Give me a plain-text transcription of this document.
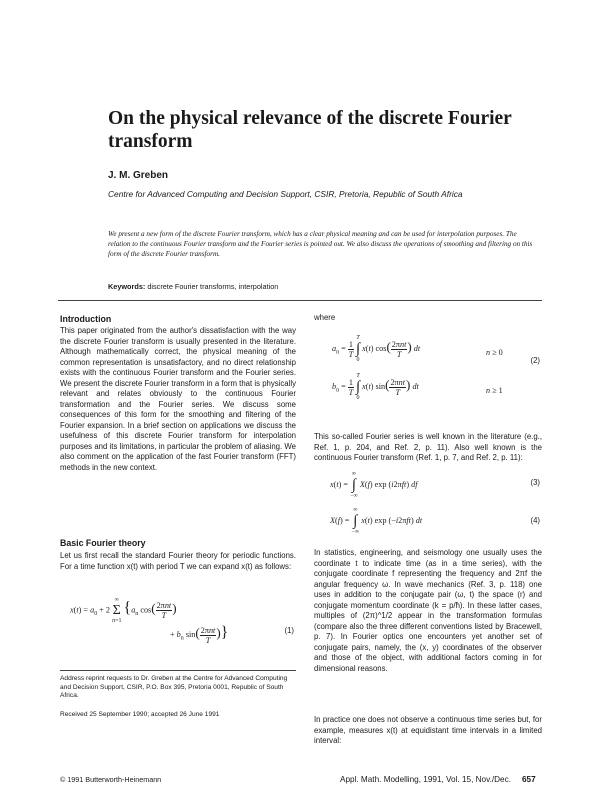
On the physical relevance of the discrete Fourier transform
J. M. Greben
Centre for Advanced Computing and Decision Support, CSIR, Pretoria, Republic of South Africa
We present a new form of the discrete Fourier transform, which has a clear physical meaning and can be used for interpolation purposes. The relation to the continuous Fourier transform and the Fourier series is pointed out. We also discuss the operations of smoothing and filtering on this form of the discrete Fourier transform.
Keywords: discrete Fourier transforms, interpolation
Introduction
This paper originated from the author's dissatisfaction with the way the discrete Fourier transform is usually presented in the literature. Although mathematically correct, the physical meaning of the common representation is unsatisfactory, and no direct relationship exists with the continuous Fourier transform and the Fourier series. We present the discrete Fourier transform in a form that is physically relevant and relates obviously to the continuous Fourier transformation and the Fourier series. We discuss some consequences of this form for the smoothing and filtering of the Fourier expansion. In a brief section on applications we discuss the usefulness of this discrete Fourier transform for interpolation purposes and its limitations, in particular the problem of aliasing. We also comment on the application of the fast Fourier transform (FFT) methods in the new context.
Basic Fourier theory
Let us first recall the standard Fourier theory for periodic functions. For a time function x(t) with period T we can expand x(t) as follows:
$x(t) = a_0 + 2$
∞
Σ
n=1
{$a_n$ $\cos( \frac{\text{2πnt}}{T}$ )
+ $b_n$ $\sin( \frac{\text{2πnt}}{T}$ )}	(1)
Address reprint requests to Dr. Greben at the Centre for Advanced Computing and Decision Support, CSIR, P.O. Box 395, Pretoria 0001, Republic of South Africa.
Received 25 September 1990; accepted 26 June 1991
where
$a_n = \frac{1}{T}$

T
∫
0
x(t) $\cos( \frac{\text{2πnt}}{T}$ ) dt	n ≥ 0
(2)
$b_n = \frac{1}{T}$

T
∫
0
x(t) $\sin( \frac{\text{2πnt}}{T}$ ) dt	n ≥ 1
This so-called Fourier series is well known in the literature (e.g., Ref. 1, p. 204, and Ref. 2, p. 11). Also well known is the continuous Fourier transform (Ref. 1, p. 7, and Ref. 2, p. 11):
x(t) =
∞
∫
−∞
X(f) exp (i2πft) df	(3)
X(f) =
∞
∫
−∞
x(t) exp (−i2πft) dt	(4)
In statistics, engineering, and seismology one usually uses the coordinate t to indicate time (as in a time series), with the conjugate coordinate f representing the frequency and 2πf the angular frequency ω. In wave mechanics (Ref. 3, p. 118) one uses in addition to the conjugate pair (ω, t) the space (r) and conjugate momentum coordinate (k = p/ħ). In these latter cases, multiples of (2π)^1/2 appear in the transformation formulas (compare also the three different conventions listed by Bracewell, p. 7). In Fourier optics one encounters yet another set of conjugate pairs, namely, the (x, y) coordinates of the observer and those of the object, with additional factors coming in for dimensional reasons.
In practice one does not observe a continuous time series but, for example, measures x(t) at equidistant time intervals in a limited interval:
© 1991 Butterworth-Heinemann	Appl. Math. Modelling, 1991, Vol. 15, Nov./Dec. 657
